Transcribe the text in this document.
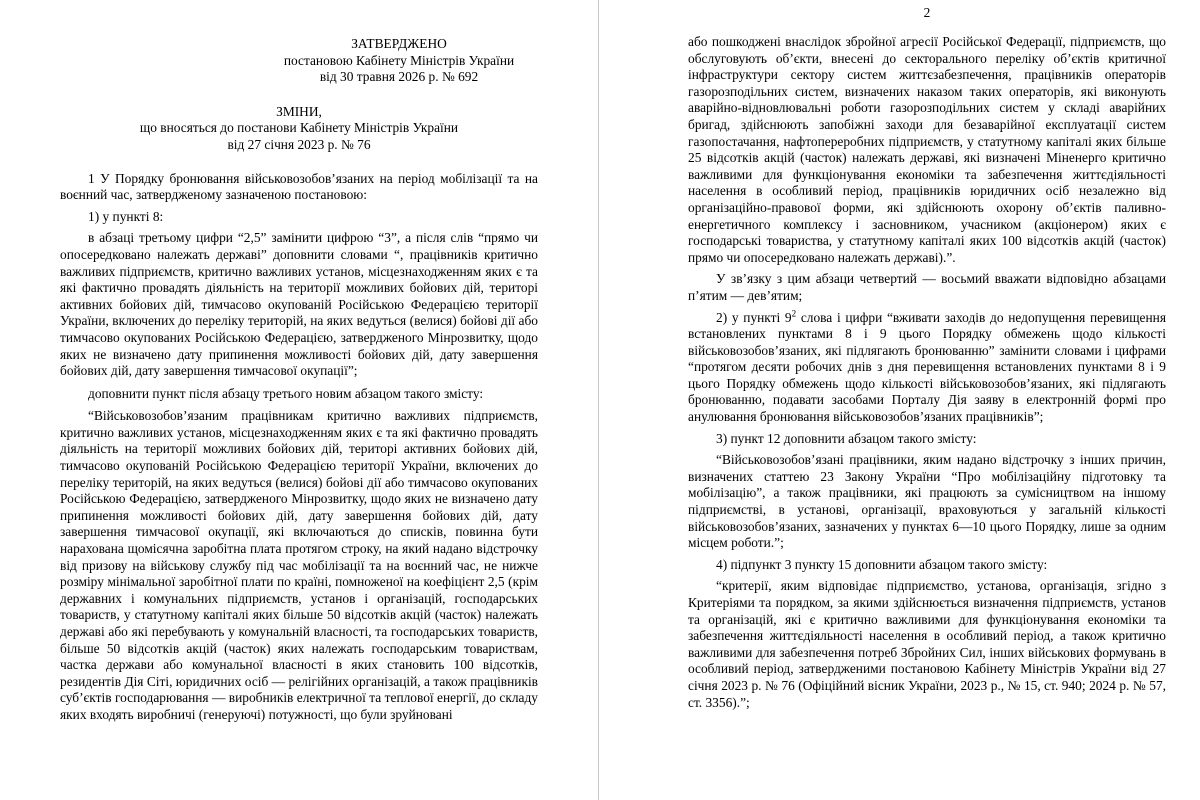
ЗАТВЕРДЖЕНО
постановою Кабінету Міністрів України
від 30 травня 2026 р. № 692
ЗМІНИ,
що вносяться до постанови Кабінету Міністрів України
від 27 січня 2023 р. № 76

1 У Порядку бронювання військовозобов’язаних на період мобілізації та на воєнний час, затвердженому зазначеною постановою:

1) у пункті 8:

в абзаці третьому цифри “2,5” замінити цифрою “3”, а після слів “прямо чи опосередковано належать державі” доповнити словами “, працівників критично важливих підприємств, критично важливих установ, місцезнаходженням яких є та які фактично провадять діяльність на території можливих бойових дій, територі активних бойових дій, тимчасово окупованій Російською Федерацією території України, включених до переліку територій, на яких ведуться (велися) бойові дії або тимчасово окупованих Російською Федерацією, затвердженого Мінрозвитку, щодо яких не визначено дату припинення можливості бойових дій, дату завершення бойових дій, дату завершення тимчасової окупації”;

доповнити пункт після абзацу третього новим абзацом такого змісту:

“Військовозобов’язаним працівникам критично важливих підприємств, критично важливих установ, місцезнаходженням яких є та які фактично провадять діяльність на території можливих бойових дій, територі активних бойових дій, тимчасово окупованій Російською Федерацією території України, включених до переліку територій, на яких ведуться (велися) бойові дії або тимчасово окупованих Російською Федерацією, затвердженого Мінрозвитку, щодо яких не визначено дату припинення можливості бойових дій, дату завершення бойових дій, дату завершення тимчасової окупації, які включаються до списків, повинна бути нарахована щомісячна заробітна плата протягом строку, на який надано відстрочку від призову на військову службу під час мобілізації та на воєнний час, не нижче розміру мінімальної заробітної плати по країні, помноженої на коефіцієнт 2,5 (крім державних і комунальних підприємств, установ і організацій, господарських товариств, у статутному капіталі яких більше 50 відсотків акцій (часток) належать державі або які перебувають у комунальній власності, та господарських товариств, більше 50 відсотків акцій (часток) яких належать господарським товариствам, частка держави або комунальної власності в яких становить 100 відсотків, резидентів Дія Сіті, юридичних осіб — релігійних організацій, а також працівників суб’єктів господарювання — виробників електричної та теплової енергії, до складу яких входять виробничі (генеруючі) потужності, що були зруйновані

2

або пошкоджені внаслідок збройної агресії Російської Федерації, підприємств, що обслуговують об’єкти, внесені до секторального переліку об’єктів критичної інфраструктури сектору систем життєзабезпечення, працівників операторів газорозподільних систем, визначених наказом таких операторів, які виконують аварійно-відновлювальні роботи газорозподільних систем у складі аварійних бригад, здійснюють запобіжні заходи для безаварійної експлуатації систем газопостачання, нафтопереробних підприємств, у статутному капіталі яких більше 25 відсотків акцій (часток) належать державі, які визначені Міненерго критично важливими для функціонування економіки та забезпечення життєдіяльності населення в особливий період, працівників юридичних осіб незалежно від організаційно-правової форми, які здійснюють охорону об’єктів паливно-енергетичного комплексу і засновником, учасником (акціонером) яких є господарські товариства, у статутному капіталі яких 100 відсотків акцій (часток) прямо чи опосередковано належать державі).”.

У зв’язку з цим абзаци четвертий — восьмий вважати відповідно абзацами п’ятим — дев’ятим;

2) у пункті $9^2$ слова і цифри “вживати заходів до недопущення перевищення встановлених пунктами 8 і 9 цього Порядку обмежень щодо кількості військовозобов’язаних, які підлягають бронюванню” замінити словами і цифрами “протягом десяти робочих днів з дня перевищення встановлених пунктами 8 і 9 цього Порядку обмежень щодо кількості військовозобов’язаних, які підлягають бронюванню, подавати засобами Порталу Дія заяву в електронній формі про анулювання бронювання військовозобов’язаних працівників”;

3) пункт 12 доповнити абзацом такого змісту:

“Військовозобов’язані працівники, яким надано відстрочку з інших причин, визначених статтею 23 Закону України “Про мобілізаційну підготовку та мобілізацію”, а також працівники, які працюють за сумісництвом на іншому підприємстві, в установі, організації, враховуються у загальній кількості військовозобов’язаних, зазначених у пунктах 6—10 цього Порядку, лише за одним місцем роботи.”;

4) підпункт 3 пункту 15 доповнити абзацом такого змісту:

“критерії, яким відповідає підприємство, установа, організація, згідно з Критеріями та порядком, за якими здійснюється визначення підприємств, установ та організацій, які є критично важливими для функціонування економіки та забезпечення життєдіяльності населення в особливий період, а також критично важливими для забезпечення потреб Збройних Сил, інших військових формувань в особливий період, затвердженими постановою Кабінету Міністрів України від 27 січня 2023 р. № 76 (Офіційний вісник України, 2023 р., № 15, ст. 940; 2024 р. № 57, ст. 3356).”;
